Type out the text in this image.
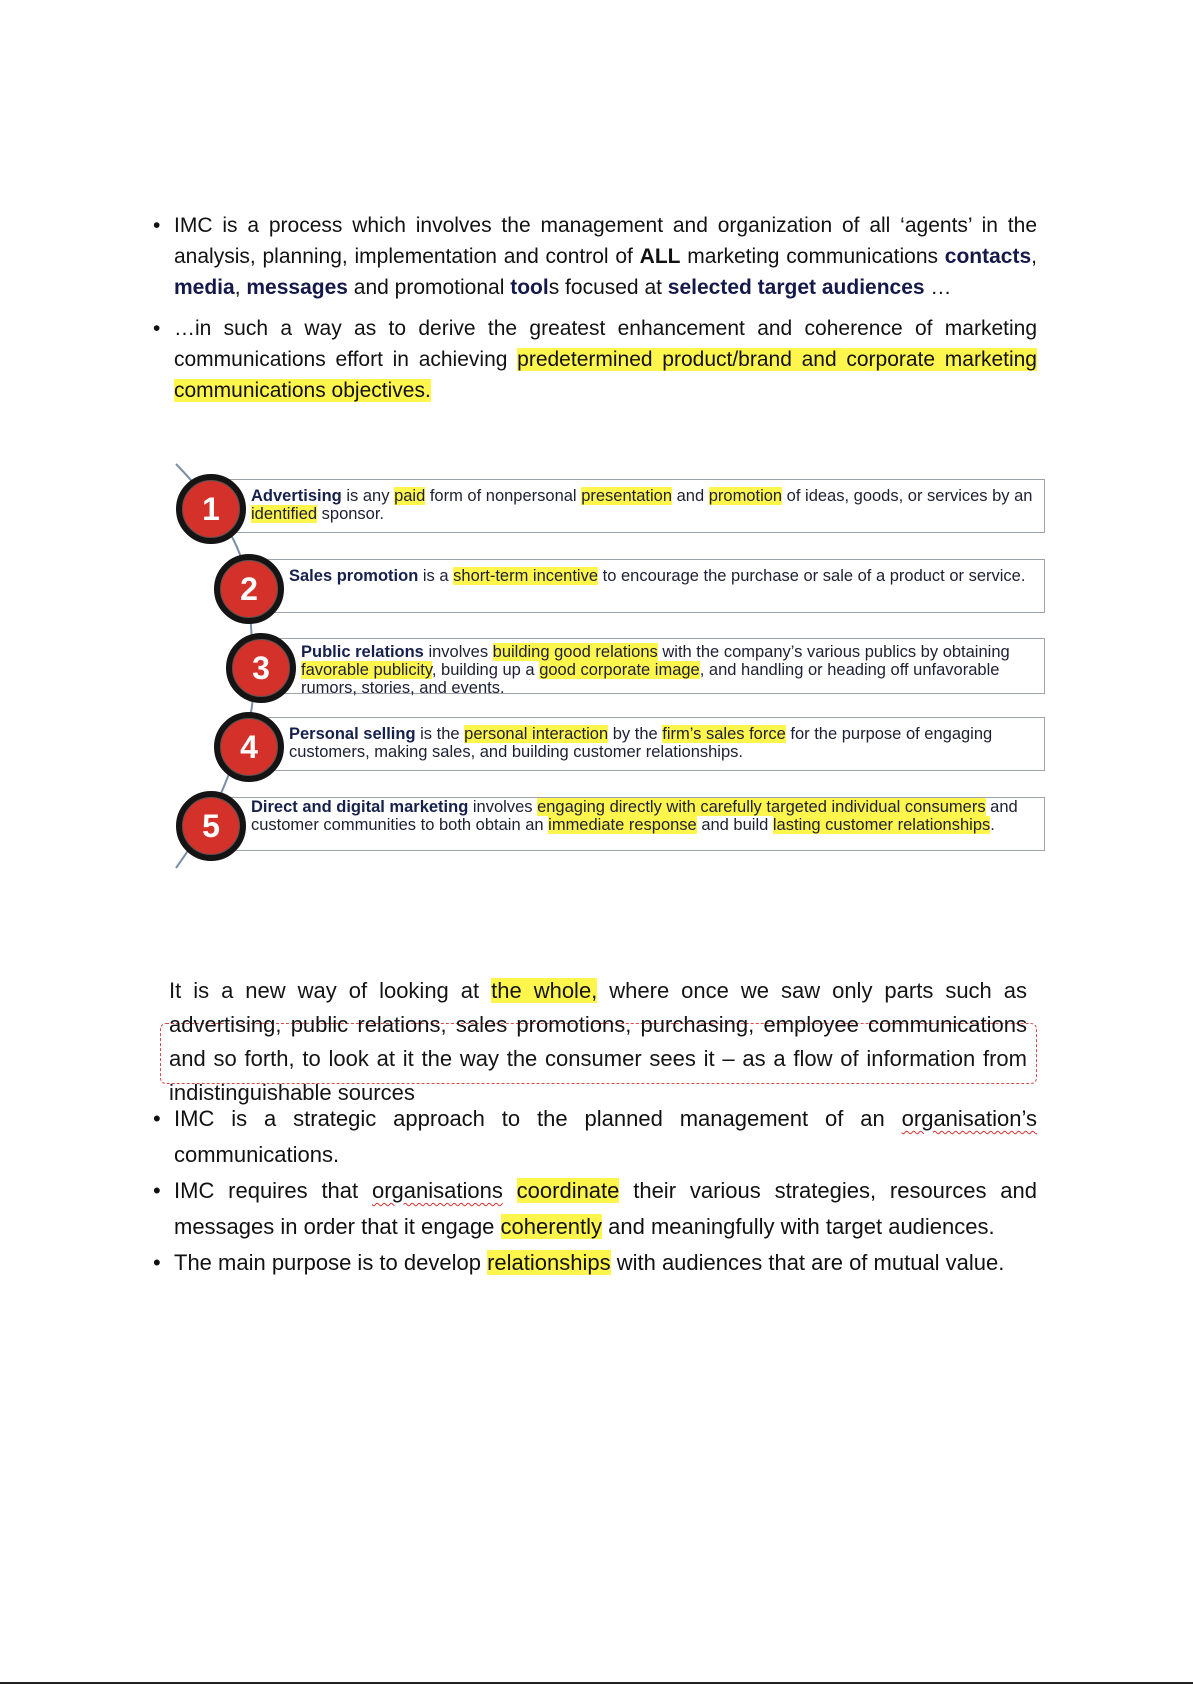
• IMC is a process which involves the management and organization of all ‘agents’ in the analysis, planning, implementation and control of ALL marketing communications contacts, media, messages and promotional tools focused at selected target audiences …
• …in such a way as to derive the greatest enhancement and coherence of marketing communications effort in achieving predetermined product/brand and corporate marketing communications objectives.
Advertising is any paid form of nonpersonal presentation and promotion of ideas, goods, or services by an identified sponsor.
1
Sales promotion is a short-term incentive to encourage the purchase or sale of a product or service.
2
Public relations involves building good relations with the company’s various publics by obtaining favorable publicity, building up a good corporate image, and handling or heading off unfavorable rumors, stories, and events.
3
Personal selling is the personal interaction by the firm’s sales force for the purpose of engaging customers, making sales, and building customer relationships.
4
Direct and digital marketing involves engaging directly with carefully targeted individual consumers and customer communities to both obtain an immediate response and build lasting customer relationships.
5

It is a new way of looking at the whole, where once we saw only parts such as advertising, public relations, sales promotions, purchasing, employee communications and so forth, to look at it the way the consumer sees it – as a flow of information from indistinguishable sources

• IMC is a strategic approach to the planned management of an organisation’s communications.
• IMC requires that organisations coordinate their various strategies, resources and messages in order that it engage coherently and meaningfully with target audiences.
• The main purpose is to develop relationships with audiences that are of mutual value.
